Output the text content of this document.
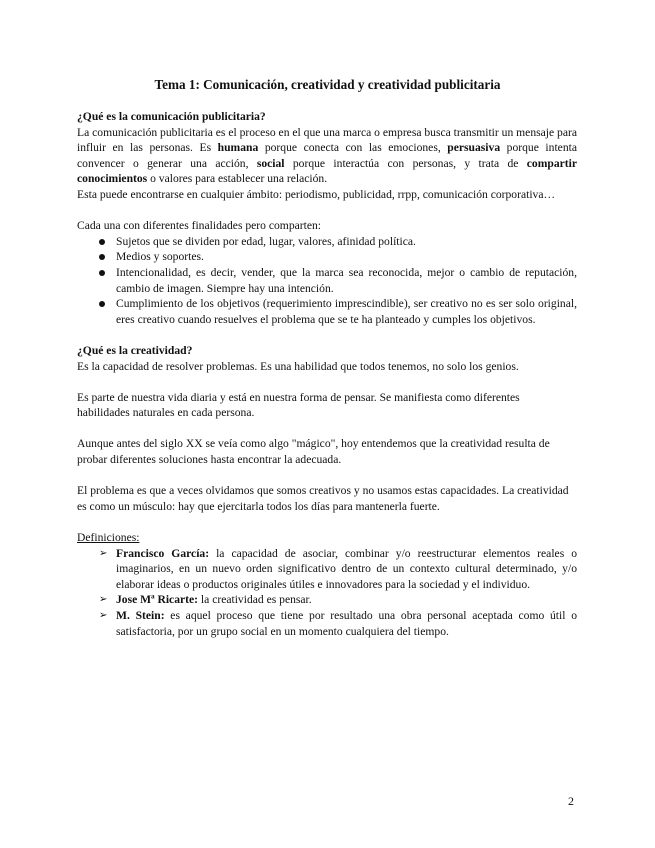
Tema 1: Comunicación, creatividad y creatividad publicitaria

¿Qué es la comunicación publicitaria?

La comunicación publicitaria es el proceso en el que una marca o empresa busca transmitir un mensaje para influir en las personas. Es humana porque conecta con las emociones, persuasiva porque intenta convencer o generar una acción, social porque interactúa con personas, y trata de compartir conocimientos o valores para establecer una relación.

Esta puede encontrarse en cualquier ámbito: periodismo, publicidad, rrpp, comunicación corporativa…

Cada una con diferentes finalidades pero comparten:

Sujetos que se dividen por edad, lugar, valores, afinidad política.
Medios y soportes.
Intencionalidad, es decir, vender, que la marca sea reconocida, mejor o cambio de reputación, cambio de imagen. Siempre hay una intención.
Cumplimiento de los objetivos (requerimiento imprescindible), ser creativo no es ser solo original, eres creativo cuando resuelves el problema que se te ha planteado y cumples los objetivos.

¿Qué es la creatividad?

Es la capacidad de resolver problemas. Es una habilidad que todos tenemos, no solo los genios.

Es parte de nuestra vida diaria y está en nuestra forma de pensar. Se manifiesta como diferentes habilidades naturales en cada persona.

Aunque antes del siglo XX se veía como algo "mágico", hoy entendemos que la creatividad resulta de probar diferentes soluciones hasta encontrar la adecuada.

El problema es que a veces olvidamos que somos creativos y no usamos estas capacidades. La creatividad es como un músculo: hay que ejercitarla todos los días para mantenerla fuerte.

Definiciones:

➢ Francisco García: la capacidad de asociar, combinar y/o reestructurar elementos reales o imaginarios, en un nuevo orden significativo dentro de un contexto cultural determinado, y/o elaborar ideas o productos originales útiles e innovadores para la sociedad y el individuo.
➢ Jose Mª Ricarte: la creatividad es pensar.
➢ M. Stein: es aquel proceso que tiene por resultado una obra personal aceptada como útil o satisfactoria, por un grupo social en un momento cualquiera del tiempo.
2
